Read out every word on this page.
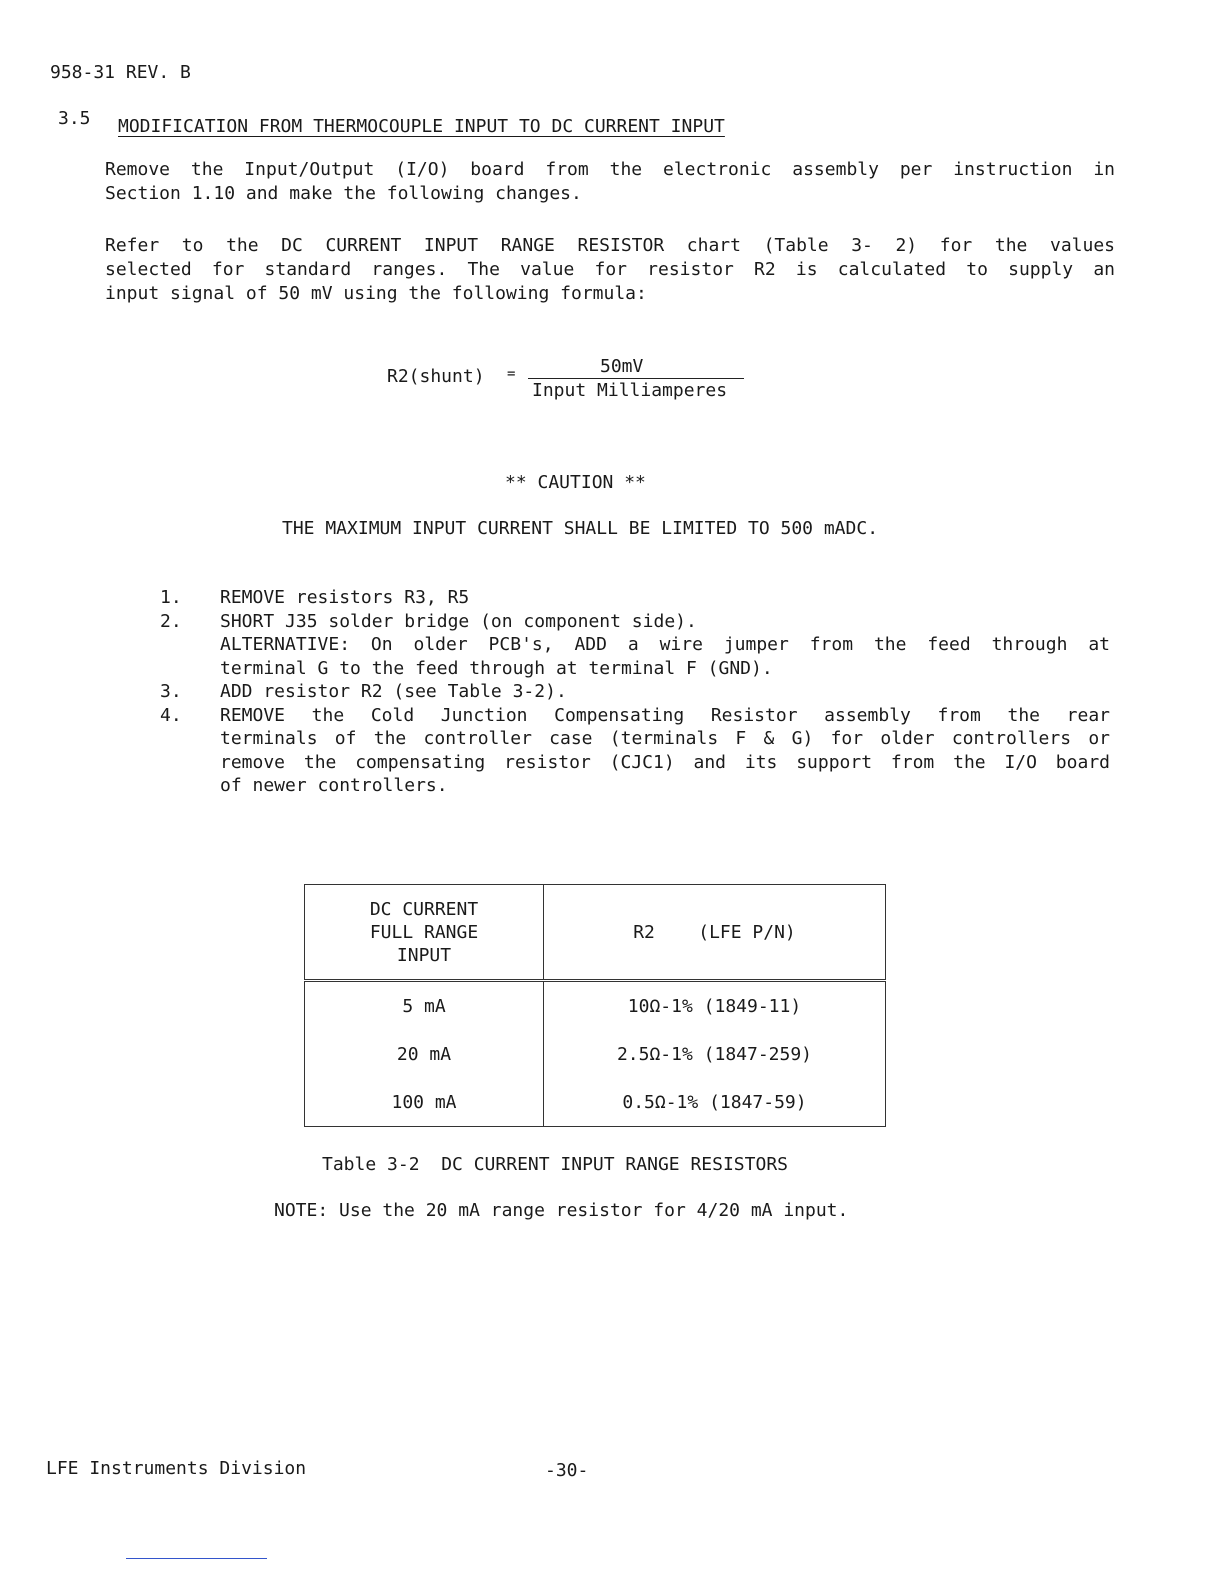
958-31 REV. B
3.5 MODIFICATION FROM THERMOCOUPLE INPUT TO DC CURRENT INPUT
Remove the Input/Output (I/O) board from the electronic assembly per instruction in
Section 1.10 and make the following changes.
Refer to the DC CURRENT INPUT RANGE RESISTOR chart (Table 3- 2) for the values
selected for standard ranges. The value for resistor R2 is calculated to supply an
input signal of 50 mV using the following formula:
R2(shunt) =	50mV
Input Milliamperes
** CAUTION **
THE MAXIMUM INPUT CURRENT SHALL BE LIMITED TO 500 mADC.
1. REMOVE resistors R3, R5
2. SHORT J35 solder bridge (on component side).
ALTERNATIVE: On older PCB's, ADD a wire jumper from the feed through at
terminal G to the feed through at terminal F (GND).
3. ADD resistor R2 (see Table 3-2).
4. REMOVE the Cold Junction Compensating Resistor assembly from the rear
terminals of the controller case (terminals F & G) for older controllers or
remove the compensating resistor (CJC1) and its support from the I/O board
of newer controllers.
DC CURRENT
FULL RANGE
INPUT	R2    (LFE P/N)
5 mA	10Ω-1% (1849-11)
20 mA	2.5Ω-1% (1847-259)
100 mA	0.5Ω-1% (1847-59)
Table 3-2  DC CURRENT INPUT RANGE RESISTORS
NOTE: Use the 20 mA range resistor for 4/20 mA input.
LFE Instruments Division	-30-
